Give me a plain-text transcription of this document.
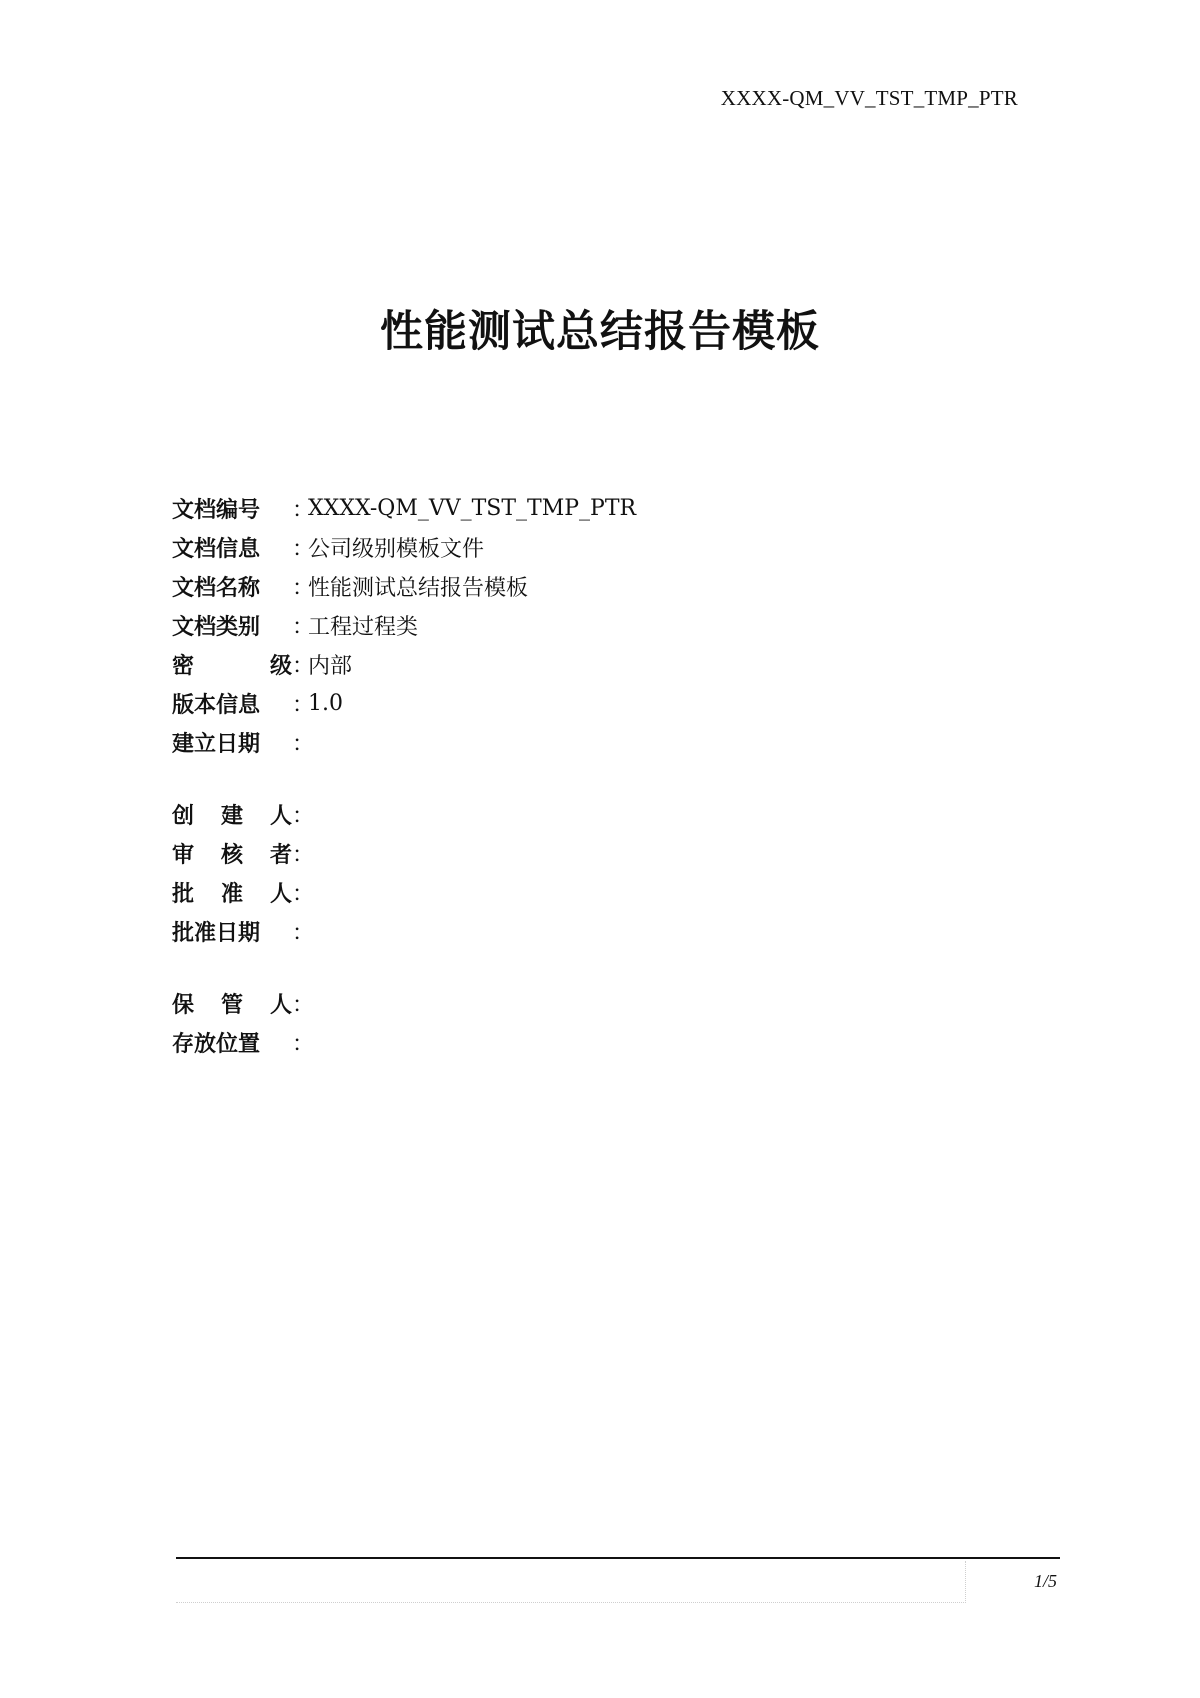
XXXX-QM_VV_TST_TMP_PTR
性能测试总结报告模板
文档编号	：
XXXX-QM_VV_TST_TMP_PTR
文档信息	：
公司级别模板文件
文档名称	：
性能测试总结报告模板
文档类别	：
工程过程类
密	级 ：
内部
版本信息	：
1.0
建立日期	：
创 建 人 ：
审 核 者 ：
批 准 人 ：
批准日期	：
保 管 人 ：
存放位置	：
1/5
